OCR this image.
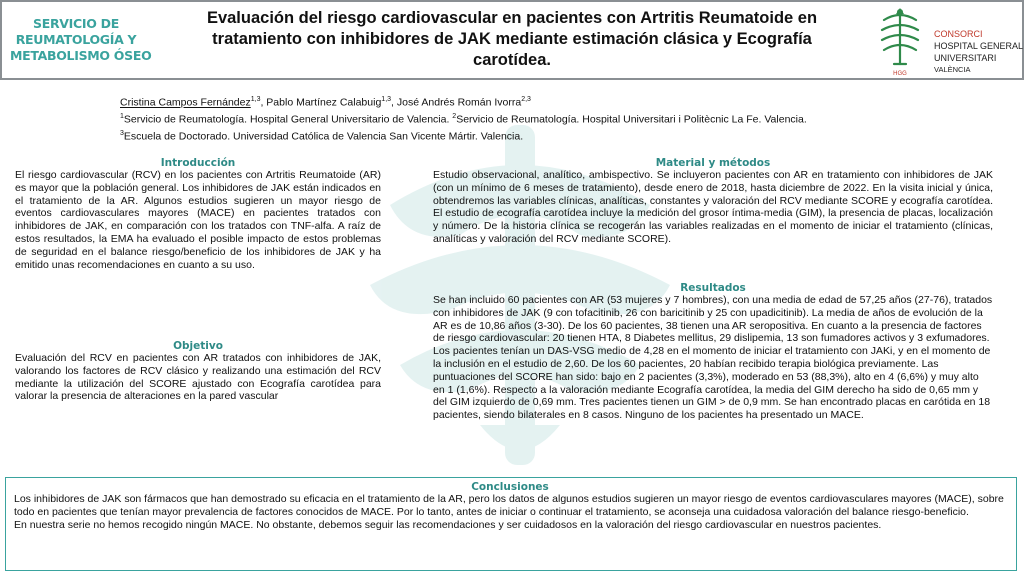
SERVICIO DE
REUMATOLOGÍA Y
METABOLISMO ÓSEO
Evaluación del riesgo cardiovascular en pacientes con Artritis Reumatoide en tratamiento con inhibidores de JAK mediante estimación clásica y Ecografía carotídea.
HGG
CONSORCI
HOSPITAL GENERAL
UNIVERSITARI
VALÈNCIA
Cristina Campos Fernández$^{1,3}$, Pablo Martínez Calabuig$^{1,3}$, José Andrés Román Ivorra$^{2,3}$
$^1$Servicio de Reumatología. Hospital General Universitario de Valencia. $^2$Servicio de Reumatología. Hospital Universitari i Politècnic La Fe. Valencia.
$^3$Escuela de Doctorado. Universidad Católica de Valencia San Vicente Mártir. Valencia.
Introducción
El riesgo cardiovascular (RCV) en los pacientes con Artritis Reumatoide (AR) es mayor que la población general. Los inhibidores de JAK están indicados en el tratamiento de la AR. Algunos estudios sugieren un mayor riesgo de eventos cardiovasculares mayores (MACE) en pacientes tratados con inhibidores de JAK, en comparación con los tratados con TNF-alfa. A raíz de estos resultados, la EMA ha evaluado el posible impacto de estos problemas de seguridad en el balance riesgo/beneficio de los inhibidores de JAK y ha emitido unas recomendaciones en cuanto a su uso.
Objetivo
Evaluación del RCV en pacientes con AR tratados con inhibidores de JAK, valorando los factores de RCV clásico y realizando una estimación del RCV mediante la utilización del SCORE ajustado con Ecografía carotídea para valorar la presencia de alteraciones en la pared vascular
Material y métodos
Estudio observacional, analítico, ambispectivo. Se incluyeron pacientes con AR en tratamiento con inhibidores de JAK (con un mínimo de 6 meses de tratamiento), desde enero de 2018, hasta diciembre de 2022. En la visita inicial y única, obtendremos las variables clínicas, analíticas, constantes y valoración del RCV mediante SCORE y ecografía carotídea. El estudio de ecografía carotídea incluye la medición del grosor íntima-media (GIM), la presencia de placas, localización y número. De la historia clínica se recogerán las variables realizadas en el momento de iniciar el tratamiento (clínicas, analíticas y valoración del RCV mediante SCORE).
Resultados
Se han incluido 60 pacientes con AR (53 mujeres y 7 hombres), con una media de edad de 57,25 años (27-76), tratados con inhibidores de JAK (9 con tofacitinib, 26 con baricitinib y 25 con upadicitinib). La media de años de evolución de la AR es de 10,86 años (3-30). De los 60 pacientes, 38 tienen una AR seropositiva. En cuanto a la presencia de factores de riesgo cardiovascular: 20 tienen HTA, 8 Diabetes mellitus, 29 dislipemia, 13 son fumadores activos y 3 exfumadores. Los pacientes tenían un DAS-VSG medio de 4,28 en el momento de iniciar el tratamiento con JAKi, y en el momento de la inclusión en el estudio de 2,60. De los 60 pacientes, 20 habían recibido terapia biológica previamente. Las puntuaciones del SCORE han sido: bajo en 2 pacientes (3,3%), moderado en 53 (88,3%), alto en 4 (6,6%) y muy alto en 1 (1,6%). Respecto a la valoración mediante Ecografía carotídea, la media del GIM derecho ha sido de 0,65 mm y del GIM izquierdo de 0,69 mm. Tres pacientes tienen un GIM > de 0,9 mm. Se han encontrado placas en carótida en 18 pacientes, siendo bilaterales en 8 casos. Ninguno de los pacientes ha presentado un MACE.
Conclusiones
Los inhibidores de JAK son fármacos que han demostrado su eficacia en el tratamiento de la AR, pero los datos de algunos estudios sugieren un mayor riesgo de eventos cardiovasculares mayores (MACE), sobre todo en pacientes que tenían mayor prevalencia de factores conocidos de MACE. Por lo tanto, antes de iniciar o continuar el tratamiento, se aconseja una cuidadosa valoración del balance riesgo-beneficio.
En nuestra serie no hemos recogido ningún MACE. No obstante, debemos seguir las recomendaciones y ser cuidadosos en la valoración del riesgo cardiovascular en nuestros pacientes.
